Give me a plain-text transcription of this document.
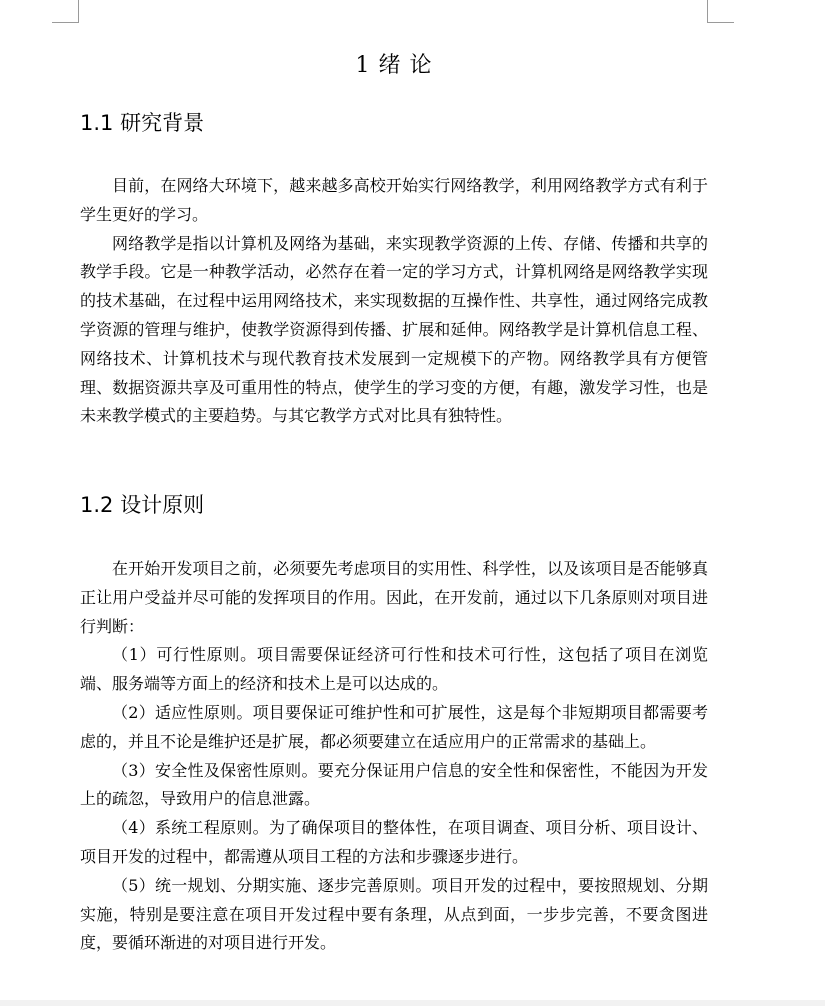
1 绪 论
1.1 研究背景

目前，在网络大环境下，越来越多高校开始实行网络教学，利用网络教学方式有利于学生更好的学习。

网络教学是指以计算机及网络为基础，来实现教学资源的上传、存储、传播和共享的教学手段。它是一种教学活动，必然存在着一定的学习方式，计算机网络是网络教学实现的技术基础，在过程中运用网络技术，来实现数据的互操作性、共享性，通过网络完成教学资源的管理与维护，使教学资源得到传播、扩展和延伸。网络教学是计算机信息工程、网络技术、计算机技术与现代教育技术发展到一定规模下的产物。网络教学具有方便管理、数据资源共享及可重用性的特点，使学生的学习变的方便，有趣，激发学习性，也是未来教学模式的主要趋势。与其它教学方式对比具有独特性。

1.2 设计原则

在开始开发项目之前，必须要先考虑项目的实用性、科学性，以及该项目是否能够真正让用户受益并尽可能的发挥项目的作用。因此，在开发前，通过以下几条原则对项目进行判断：

（1）可行性原则。项目需要保证经济可行性和技术可行性，这包括了项目在浏览端、服务端等方面上的经济和技术上是可以达成的。
（2）适应性原则。项目要保证可维护性和可扩展性，这是每个非短期项目都需要考虑的，并且不论是维护还是扩展，都必须要建立在适应用户的正常需求的基础上。
（3）安全性及保密性原则。要充分保证用户信息的安全性和保密性，不能因为开发上的疏忽，导致用户的信息泄露。
（4）系统工程原则。为了确保项目的整体性，在项目调查、项目分析、项目设计、项目开发的过程中，都需遵从项目工程的方法和步骤逐步进行。
（5）统一规划、分期实施、逐步完善原则。项目开发的过程中，要按照规划、分期实施，特别是要注意在项目开发过程中要有条理，从点到面，一步步完善，不要贪图进度，要循环渐进的对项目进行开发。
